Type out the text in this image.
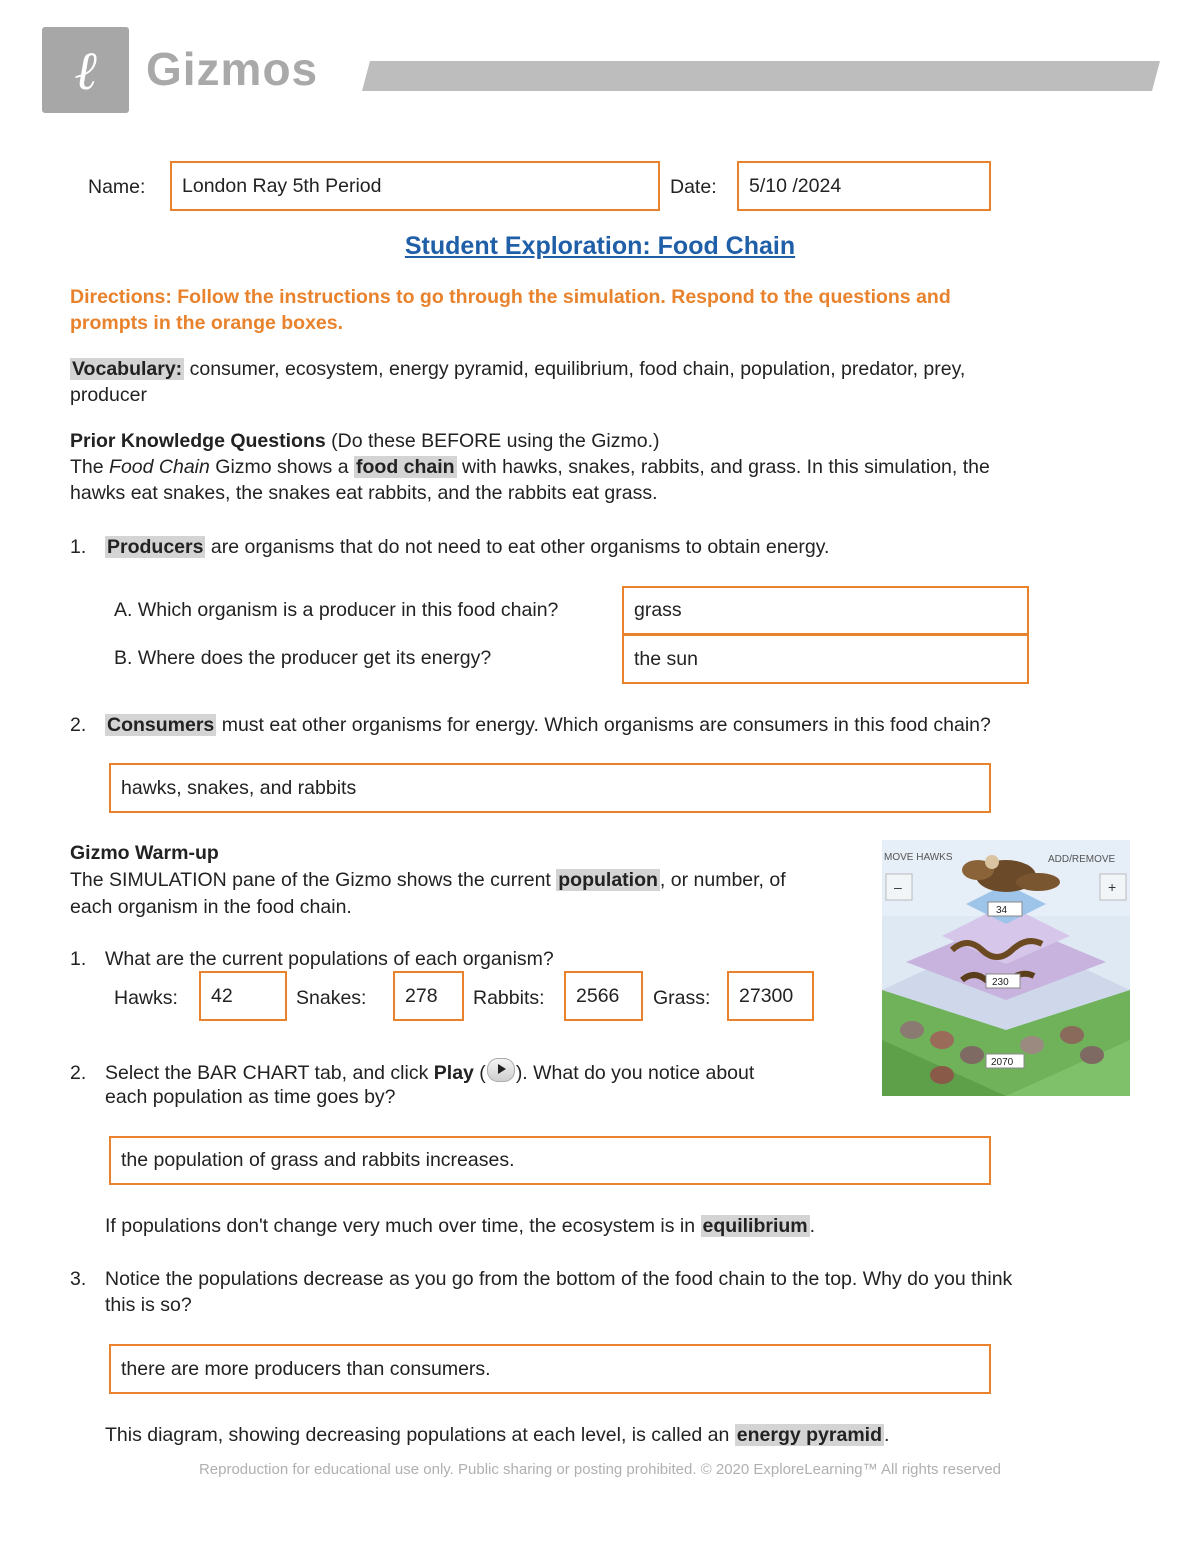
ℓ Gizmos
Name:	London Ray 5th Period	Date:	5/10 /2024
Student Exploration: Food Chain
Directions: Follow the instructions to go through the simulation. Respond to the questions and
prompts in the orange boxes.
Vocabulary: consumer, ecosystem, energy pyramid, equilibrium, food chain, population, predator, prey,
producer
Prior Knowledge Questions (Do these BEFORE using the Gizmo.)
The Food Chain Gizmo shows a food chain with hawks, snakes, rabbits, and grass. In this simulation, the
hawks eat snakes, the snakes eat rabbits, and the rabbits eat grass.
1. Producers are organisms that do not need to eat other organisms to obtain energy.
A. Which organism is a producer in this food chain?	grass
B. Where does the producer get its energy?	the sun
2. Consumers must eat other organisms for energy. Which organisms are consumers in this food chain?
hawks, snakes, and rabbits
Gizmo Warm-up
The SIMULATION pane of the Gizmo shows the current population , or number, of
each organism in the food chain.
1. What are the current populations of each organism?
Hawks:	42	Snakes:	278	Rabbits:	2566	Grass:	27300
2. Select the BAR CHART tab, and click Play ( ). What do you notice about
each population as time goes by?
the population of grass and rabbits increases.
If populations don't change very much over time, the ecosystem is in equilibrium .
3. Notice the populations decrease as you go from the bottom of the food chain to the top. Why do you think
this is so?
there are more producers than consumers.
This diagram, showing decreasing populations at each level, is called an energy pyramid .
MOVE HAWKS	ADD/REMOVE
–	+
34
230
2070
Reproduction for educational use only. Public sharing or posting prohibited. © 2020 ExploreLearning™ All rights reserved
